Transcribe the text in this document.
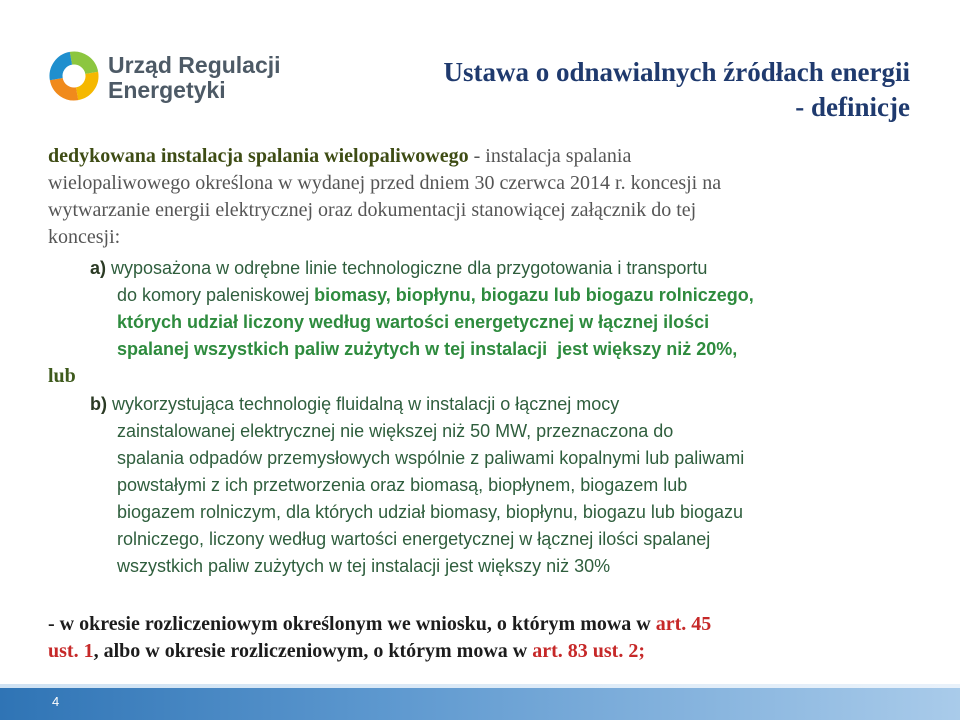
Urząd Regulacji
Energetyki
Ustawa o odnawialnych źródłach energii
- definicje
dedykowana instalacja spalania wielopaliwowego - instalacja spalania
wielopaliwowego określona w wydanej przed dniem 30 czerwca 2014 r. koncesji na
wytwarzanie energii elektrycznej oraz dokumentacji stanowiącej załącznik do tej
koncesji:
a) wyposażona w odrębne linie technologiczne dla przygotowania i transportu
do komory paleniskowej biomasy, biopłynu, biogazu lub biogazu rolniczego,
których udział liczony według wartości energetycznej w łącznej ilości
spalanej wszystkich paliw zużytych w tej instalacji  jest większy niż 20%,
lub
b) wykorzystująca technologię fluidalną w instalacji o łącznej mocy
zainstalowanej elektrycznej nie większej niż 50 MW, przeznaczona do
spalania odpadów przemysłowych wspólnie z paliwami kopalnymi lub paliwami
powstałymi z ich przetworzenia oraz biomasą, biopłynem, biogazem lub
biogazem rolniczym, dla których udział biomasy, biopłynu, biogazu lub biogazu
rolniczego, liczony według wartości energetycznej w łącznej ilości spalanej
wszystkich paliw zużytych w tej instalacji jest większy niż 30%
- w okresie rozliczeniowym określonym we wniosku, o którym mowa w art. 45
ust. 1, albo w okresie rozliczeniowym, o którym mowa w art. 83 ust. 2;
4
